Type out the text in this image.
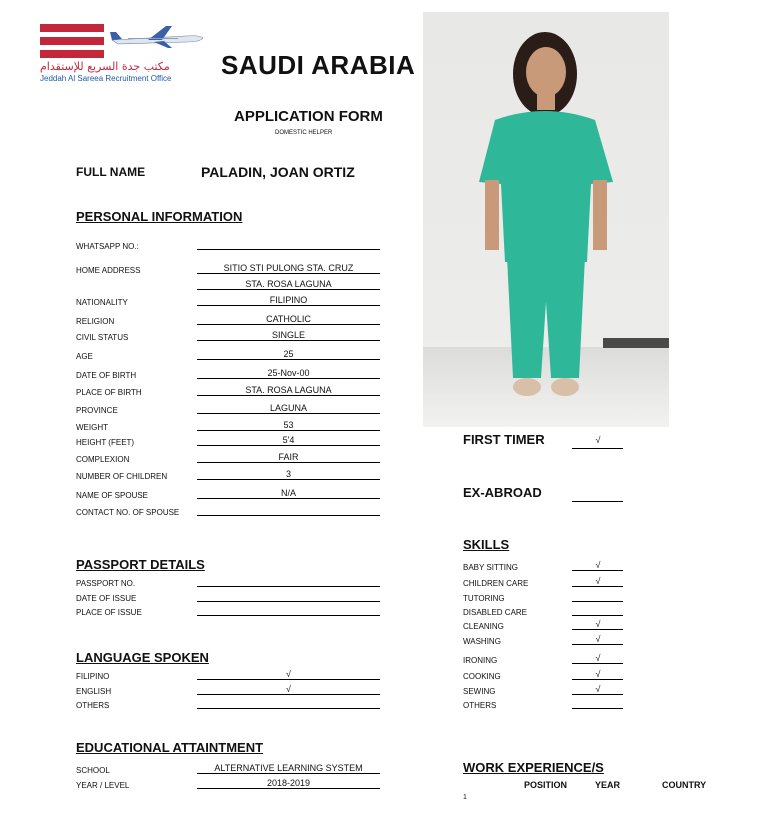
مكتب جدة السريع للإستقدام
Jeddah Al Sareea Recruitment Office SAUDI ARABIA
APPLICATION FORM
DOMESTIC HELPER
FULL NAME	PALADIN, JOAN ORTIZ
PERSONAL INFORMATION
WHATSAPP NO.:
HOME ADDRESS	SITIO STI PULONG STA. CRUZ
STA. ROSA LAGUNA
NATIONALITY	FILIPINO
RELIGION	CATHOLIC
CIVIL STATUS	SINGLE
AGE	25
DATE OF BIRTH	25-Nov-00
PLACE OF BIRTH	STA. ROSA LAGUNA
PROVINCE	LAGUNA
WEIGHT	53
HEIGHT (FEET)	5'4
COMPLEXION	FAIR
NUMBER OF CHILDREN	3
NAME OF SPOUSE	N/A
CONTACT NO. OF SPOUSE
PASSPORT DETAILS
PASSPORT NO.
DATE OF ISSUE
PLACE OF ISSUE
LANGUAGE SPOKEN
FILIPINO	√
ENGLISH	√
OTHERS
EDUCATIONAL ATTAINTMENT
SCHOOL	ALTERNATIVE LEARNING SYSTEM
YEAR / LEVEL	2018-2019
FIRST TIMER	√
EX-ABROAD
SKILLS
BABY SITTING	√
CHILDREN CARE	√
TUTORING
DISABLED CARE
CLEANING	√
WASHING	√
IRONING	√
COOKING	√
SEWING	√
OTHERS
WORK EXPERIENCE/S
POSITION	YEAR	COUNTRY
1
